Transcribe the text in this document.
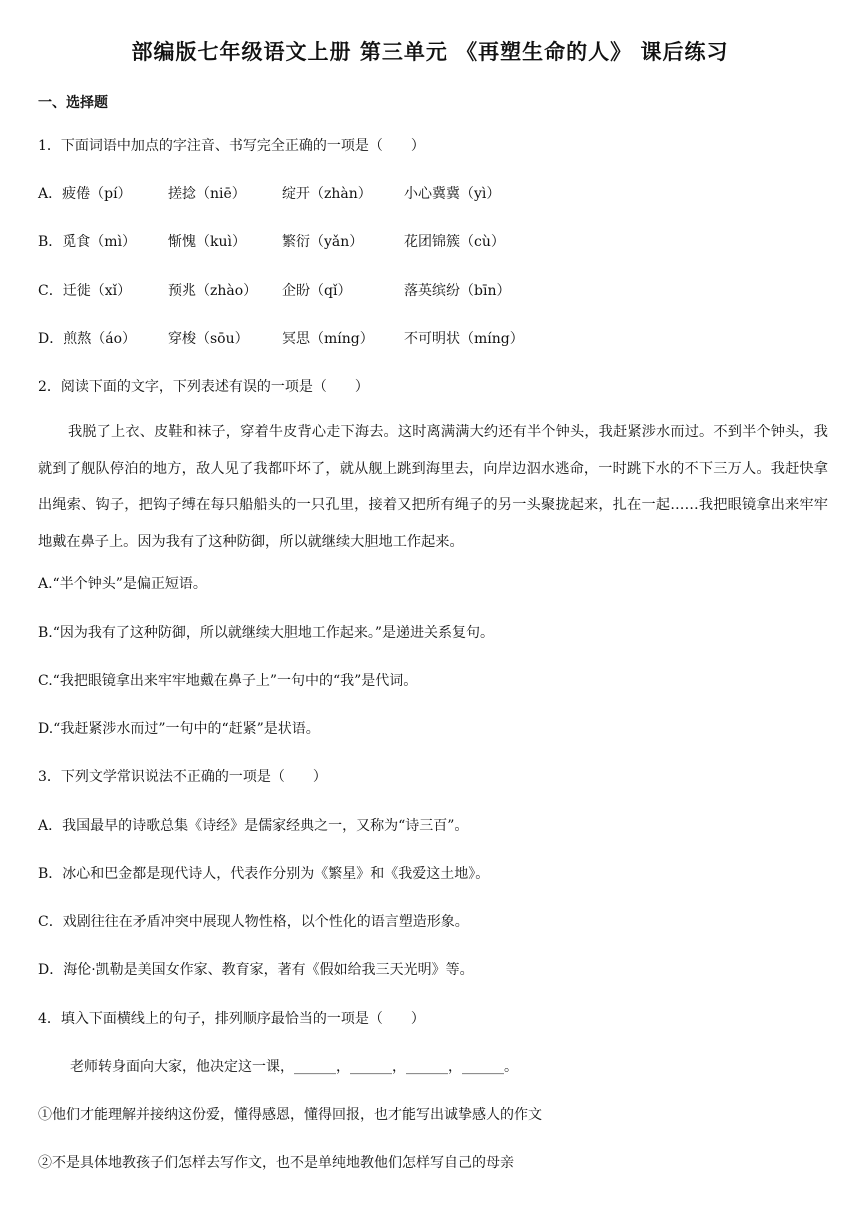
部编版七年级语文上册 第三单元 《再塑生命的人》 课后练习
一、选择题
1．下面词语中加点的字注音、书写完全正确的一项是（　　）
A．疲倦（pí）	搓捻（niē）	绽开（zhàn） 小心冀冀（yì）
B．觅食（mì） 惭愧（kuì）	繁衍（yǎn）	花团锦簇（cù）
C．迁徙（xǐ）	预兆（zhào） 企盼（qǐ）	落英缤纷（bīn）
D．煎熬（áo） 穿梭（sōu） 冥思（míng） 不可明状（míng）
2．阅读下面的文字，下列表述有误的一项是（　　）
我脱了上衣、皮鞋和袜子，穿着牛皮背心走下海去。这时离满满大约还有半个钟头，我赶紧涉水而过。不到半个钟头，我就到了舰队停泊的地方，敌人见了我都吓坏了，就从舰上跳到海里去，向岸边泅水逃命，一时跳下水的不下三万人。我赶快拿出绳索、钩子，把钩子缚在每只船船头的一只孔里，接着又把所有绳子的另一头聚拢起来，扎在一起……我把眼镜拿出来牢牢地戴在鼻子上。因为我有了这种防御，所以就继续大胆地工作起来。
A.“半个钟头”是偏正短语。
B.“因为我有了这种防御，所以就继续大胆地工作起来。”是递进关系复句。
C.“我把眼镜拿出来牢牢地戴在鼻子上”一句中的“我”是代词。
D.“我赶紧涉水而过”一句中的“赶紧”是状语。
3．下列文学常识说法不正确的一项是（　　）
A．我国最早的诗歌总集《诗经》是儒家经典之一，又称为“诗三百”。
B．冰心和巴金都是现代诗人，代表作分别为《繁星》和《我爱这土地》。
C．戏剧往往在矛盾冲突中展现人物性格，以个性化的语言塑造形象。
D．海伦·凯勒是美国女作家、教育家，著有《假如给我三天光明》等。
4．填入下面横线上的句子，排列顺序最恰当的一项是（　　）
老师转身面向大家，他决定这一课，______，______，______，______。
①他们才能理解并接纳这份爱，懂得感恩，懂得回报，也才能写出诚挚感人的作文
②不是具体地教孩子们怎样去写作文，也不是单纯地教他们怎样写自己的母亲
